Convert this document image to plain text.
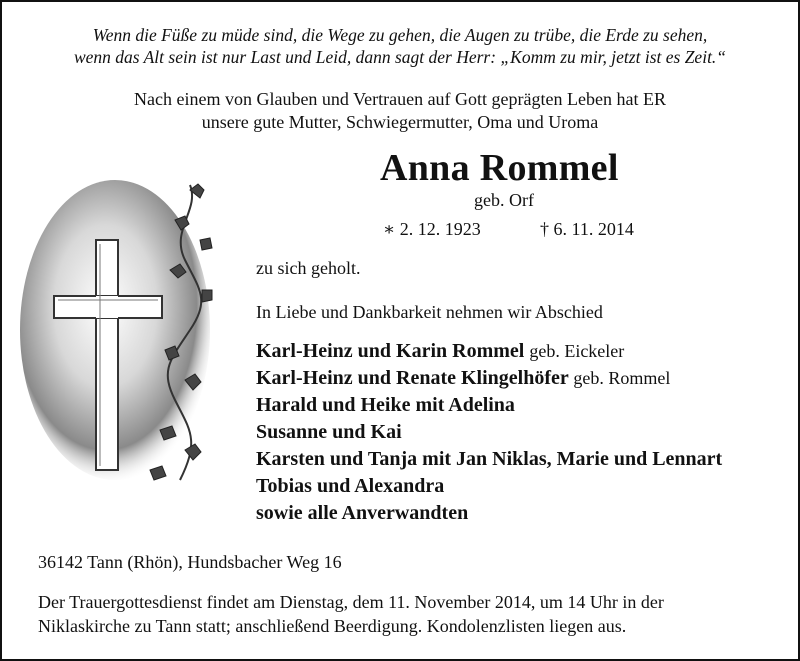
Wenn die Füße zu müde sind, die Wege zu gehen, die Augen zu trübe, die Erde zu sehen,
wenn das Alt sein ist nur Last und Leid, dann sagt der Herr: „Komm zu mir, jetzt ist es Zeit.“
Nach einem von Glauben und Vertrauen auf Gott geprägten Leben hat ER
unsere gute Mutter, Schwiegermutter, Oma und Uroma
Anna Rommel
geb. Orf
∗ 2. 12. 1923	† 6. 11. 2014
zu sich geholt.
In Liebe und Dankbarkeit nehmen wir Abschied
Karl-Heinz und Karin Rommel geb. Eickeler
Karl-Heinz und Renate Klingelhöfer geb. Rommel
Harald und Heike mit Adelina
Susanne und Kai
Karsten und Tanja mit Jan Niklas, Marie und Lennart
Tobias und Alexandra
sowie alle Anverwandten
36142 Tann (Rhön), Hundsbacher Weg 16
Der Trauergottesdienst findet am Dienstag, dem 11. November 2014, um 14 Uhr in der
Niklaskirche zu Tann statt; anschließend Beerdigung. Kondolenzlisten liegen aus.
